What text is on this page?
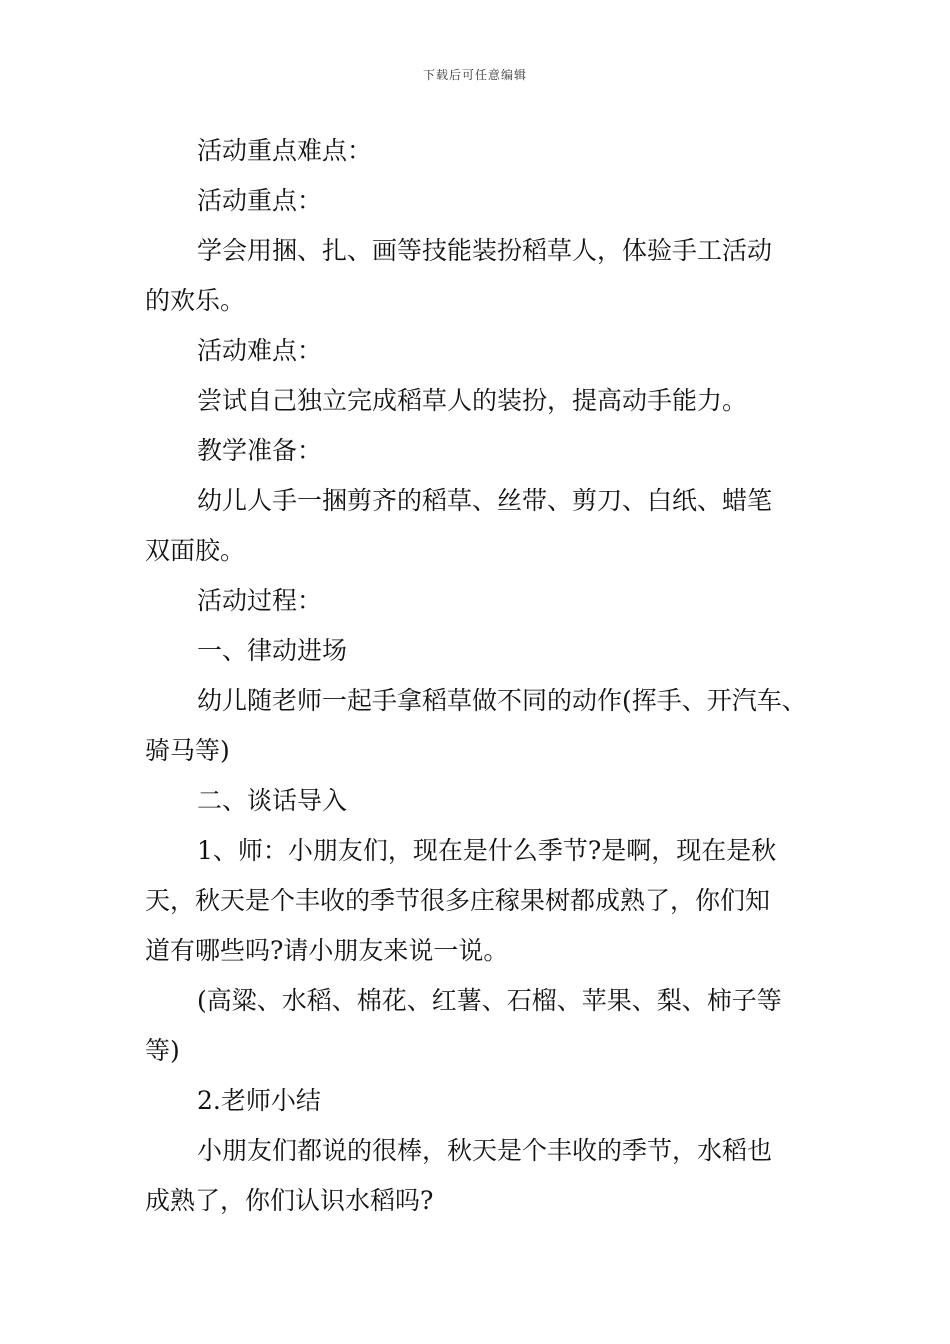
下载后可任意编辑
活动重点难点：
活动重点：
学会用捆、扎、画等技能装扮稻草人，体验手工活动
的欢乐。
活动难点：
尝试自己独立完成稻草人的装扮，提高动手能力。
教学准备：
幼儿人手一捆剪齐的稻草、丝带、剪刀、白纸、蜡笔
双面胶。
活动过程：
一、律动进场
幼儿随老师一起手拿稻草做不同的动作(挥手、开汽车、
骑马等)
二、谈话导入
1、师：小朋友们，现在是什么季节?是啊，现在是秋
天，秋天是个丰收的季节很多庄稼果树都成熟了，你们知
道有哪些吗?请小朋友来说一说。
(高粱、水稻、棉花、红薯、石榴、苹果、梨、柿子等
等)
2.老师小结
小朋友们都说的很棒，秋天是个丰收的季节，水稻也
成熟了，你们认识水稻吗?
